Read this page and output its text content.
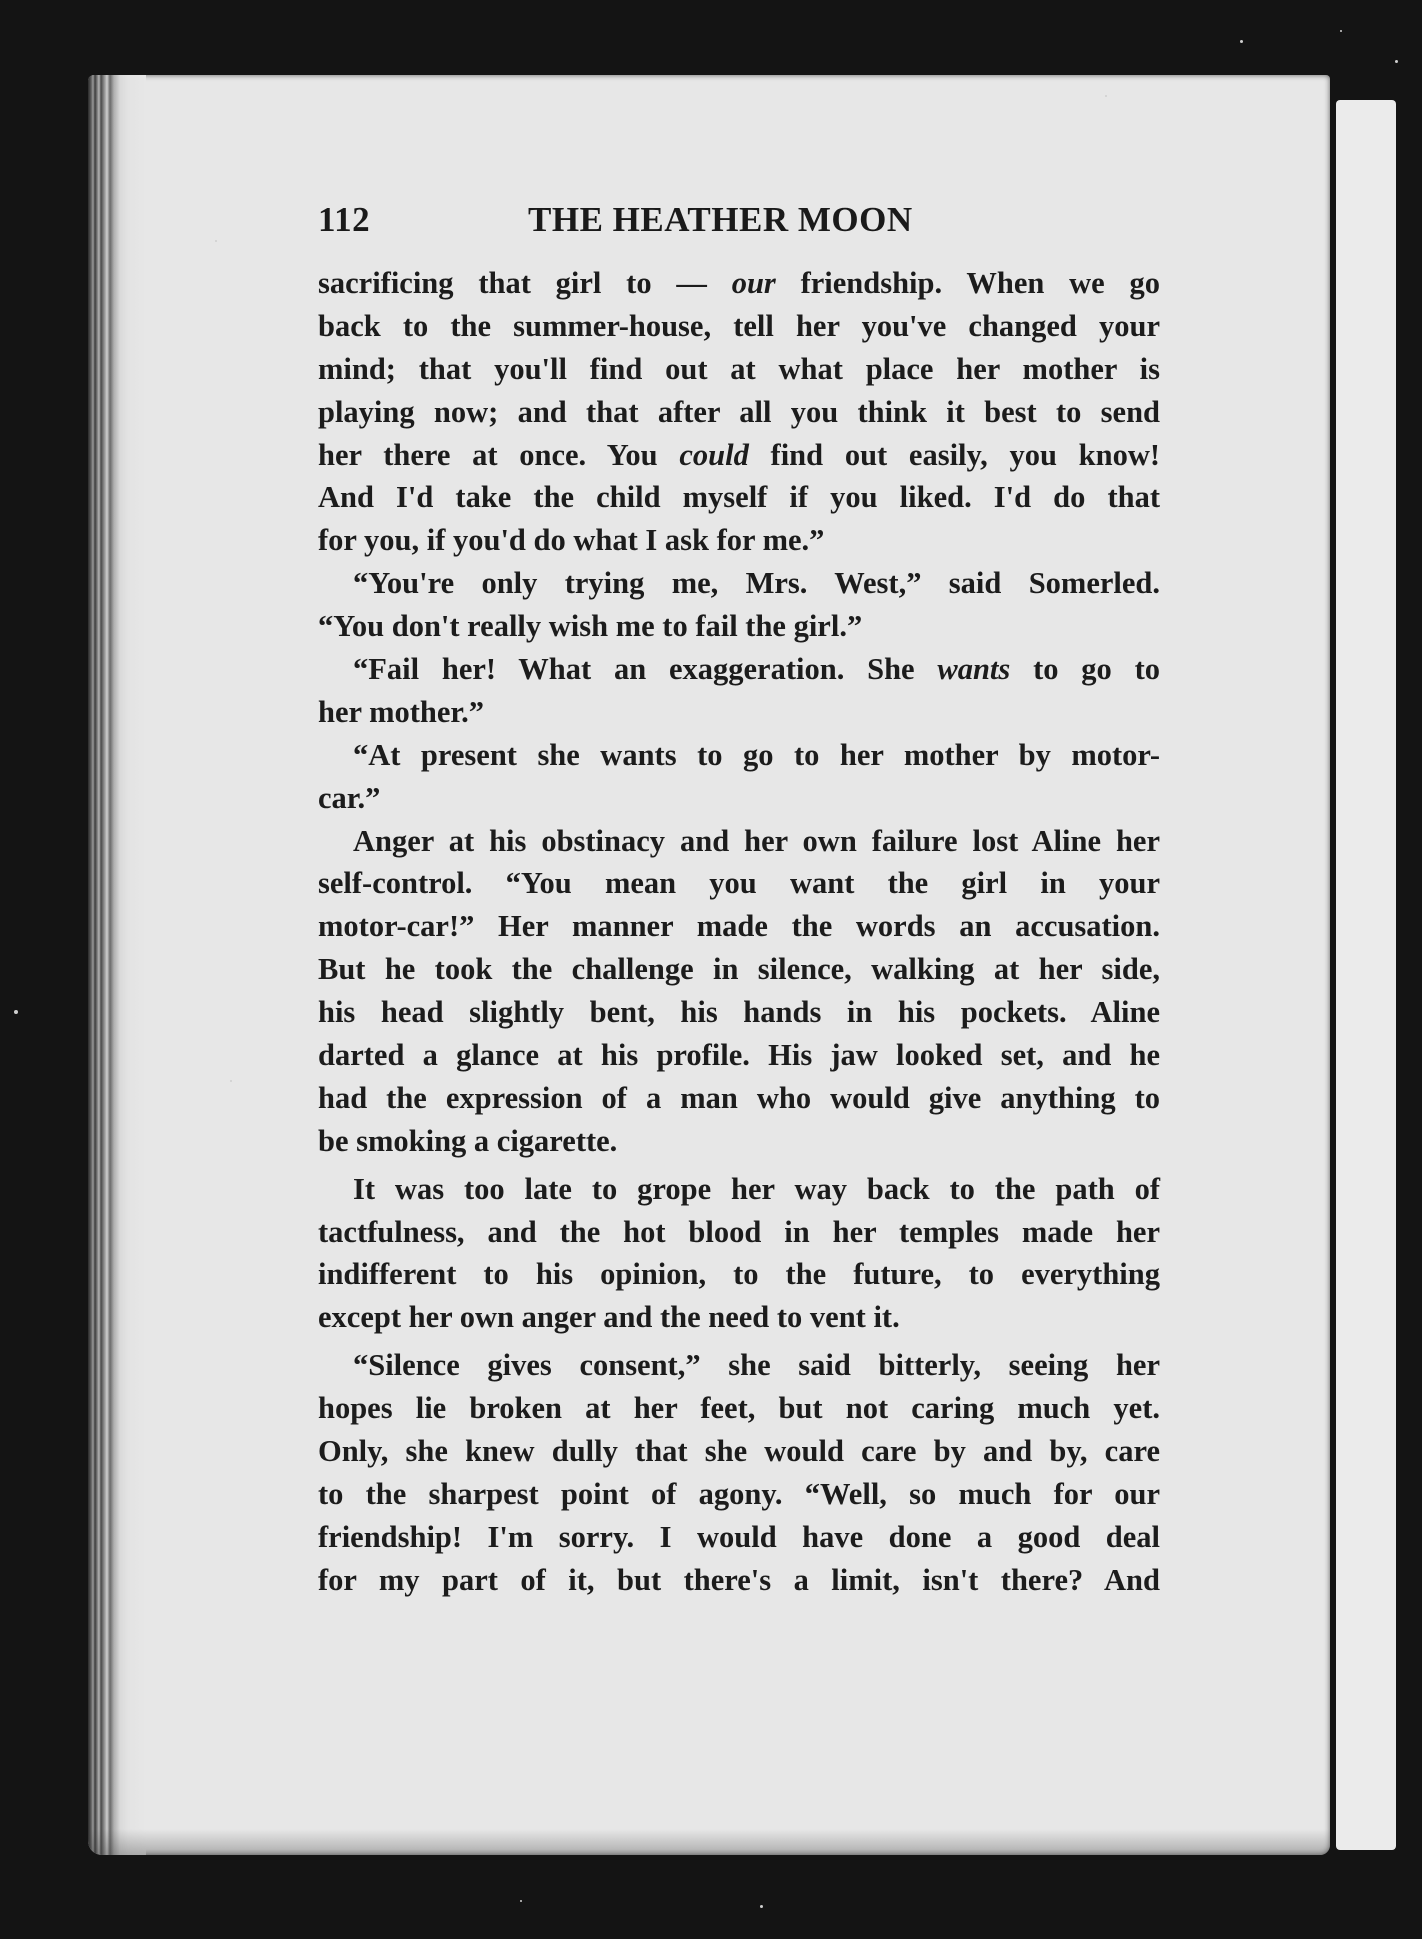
112	THE HEATHER MOON
sacrificing that girl to — our friendship. When we go
back to the summer-house, tell her you've changed your
mind; that you'll find out at what place her mother is
playing now; and that after all you think it best to send
her there at once. You could find out easily, you know!
And I'd take the child myself if you liked. I'd do that
for you, if you'd do what I ask for me.”
“You're only trying me, Mrs. West,” said Somerled.
“You don't really wish me to fail the girl.”
“Fail her! What an exaggeration. She wants to go to
her mother.”
“At present she wants to go to her mother by motor-
car.”
Anger at his obstinacy and her own failure lost Aline her
self-control. “You mean you want the girl in your
motor-car!” Her manner made the words an accusation.
But he took the challenge in silence, walking at her side,
his head slightly bent, his hands in his pockets. Aline
darted a glance at his profile. His jaw looked set, and he
had the expression of a man who would give anything to
be smoking a cigarette.
It was too late to grope her way back to the path of
tactfulness, and the hot blood in her temples made her
indifferent to his opinion, to the future, to everything
except her own anger and the need to vent it.
“Silence gives consent,” she said bitterly, seeing her
hopes lie broken at her feet, but not caring much yet.
Only, she knew dully that she would care by and by, care
to the sharpest point of agony. “Well, so much for our
friendship! I'm sorry. I would have done a good deal
for my part of it, but there's a limit, isn't there? And
